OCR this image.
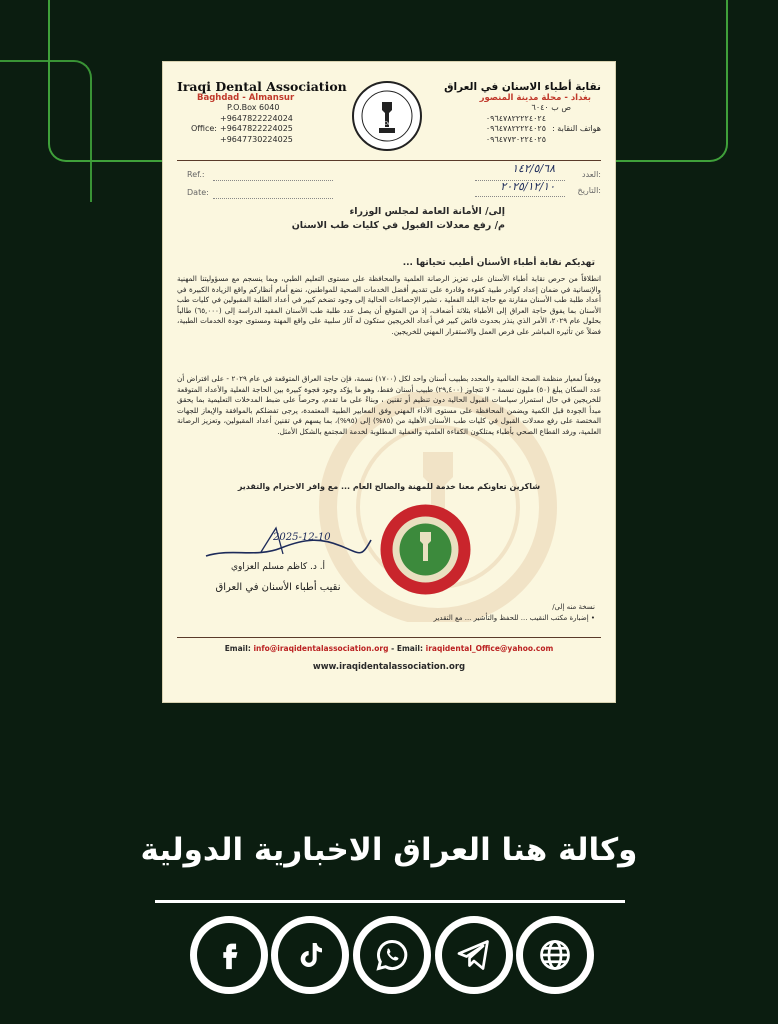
Iraqi Dental Association
Baghdad - Almansur
P.O.Box 6040
+9647822224024
Office: +9647822224025
+9647730224025
IDA
نقابة أطباء الاسنان في العراق
بغداد - محلة مدينة المنصور
ص ب ٦٠٤٠
٠٩٦٤٧٨٢٢٢٢٤٠٢٤
هواتف النقابة :
٠٩٦٤٧٨٢٢٢٢٤٠٢٥
٠٩٦٤٧٧٣٠٢٢٤٠٢٥
Ref.:
Date:
العدد:
١٤٢/٥/٦٨
التاريخ:
٢٠٢٥/١٢/١٠
إلى/ الأمانة العامة لمجلس الوزراء
م/ رفع معدلات القبول في كليات طب الاسنان
تهديكم نقابة أطباء الأسنان أطيب تحياتها ...
انطلاقاً من حرص نقابة أطباء الأسنان على تعزيز الرصانة العلمية والمحافظة على مستوى التعليم الطبي، وبما ينسجم مع مسؤوليتنا المهنية والإنسانية في ضمان إعداد كوادر طبية كفوءة وقادرة على تقديم أفضل الخدمات الصحية للمواطنين، نضع أمام أنظاركم واقع الزيادة الكبيرة في أعداد طلبة طب الأسنان مقارنة مع حاجة البلد الفعلية ، تشير الإحصاءات الحالية إلى وجود تضخم كبير في أعداد الطلبة المقبولين في كليات طب الأسنان بما يفوق حاجة العراق إلى الأطباء بثلاثة أضعاف، إذ من المتوقع أن يصل عدد طلبة طب الأسنان المقيد الدراسة إلى (٦٥,٠٠٠) طالباً بحلول عام ٢٠٢٩، الأمر الذي ينذر بحدوث فائض كبير في أعداد الخريجين ستكون له آثار سلبية على واقع المهنة ومستوى جودة الخدمات الطبية، فضلاً عن تأثيره المباشر على فرص العمل والاستقرار المهني للخريجين.
ووفقاً لمعيار منظمة الصحة العالمية والمحدد بطبيب أسنان واحد لكل (١٧٠٠) نسمة، فإن حاجة العراق المتوقعة في عام ٢٠٢٩ - على افتراض أن عدد السكان يبلغ (٥٠) مليون نسمة - لا تتجاوز (٢٩,٤٠٠) طبيب أسنان فقط، وهو ما يؤكد وجود فجوة كبيرة بين الحاجة الفعلية والأعداد المتوقعة للخريجين في حال استمرار سياسات القبول الحالية دون تنظيم أو تقنين ، وبناءً على ما تقدم، وحرصاً على ضبط المدخلات التعليمية بما يحقق مبدأ الجودة قبل الكمية ويضمن المحافظة على مستوى الأداء المهني وفق المعايير الطبية المعتمدة، يرجى تفضلكم بالموافقة والإيعاز للجهات المختصة على رفع معدلات القبول في كليات طب الأسنان الأهلية من (٨٥%) إلى (٩٥%)، بما يسهم في تقنين أعداد المقبولين، وتعزيز الرصانة العلمية، ورفد القطاع الصحي بأطباء يمتلكون الكفاءة العلمية والعملية المطلوبة لخدمة المجتمع بالشكل الأمثل.
شاكرين تعاونكم معنا خدمة للمهنة والصالح العام ... مع وافر الاحترام والتقدير
2025-12-10
أ. د. كاظم مسلم العزاوي
نقيب أطباء الأسنان في العراق
نسخة منه إلى/
• إضبارة مكتب النقيب ... للحفظ والتأشير ... مع التقدير
Email: info@iraqidentalassociation.org - Email: iraqidental_Office@yahoo.com
www.iraqidentalassociation.org
وكالة هنا العراق الاخبارية الدولية
